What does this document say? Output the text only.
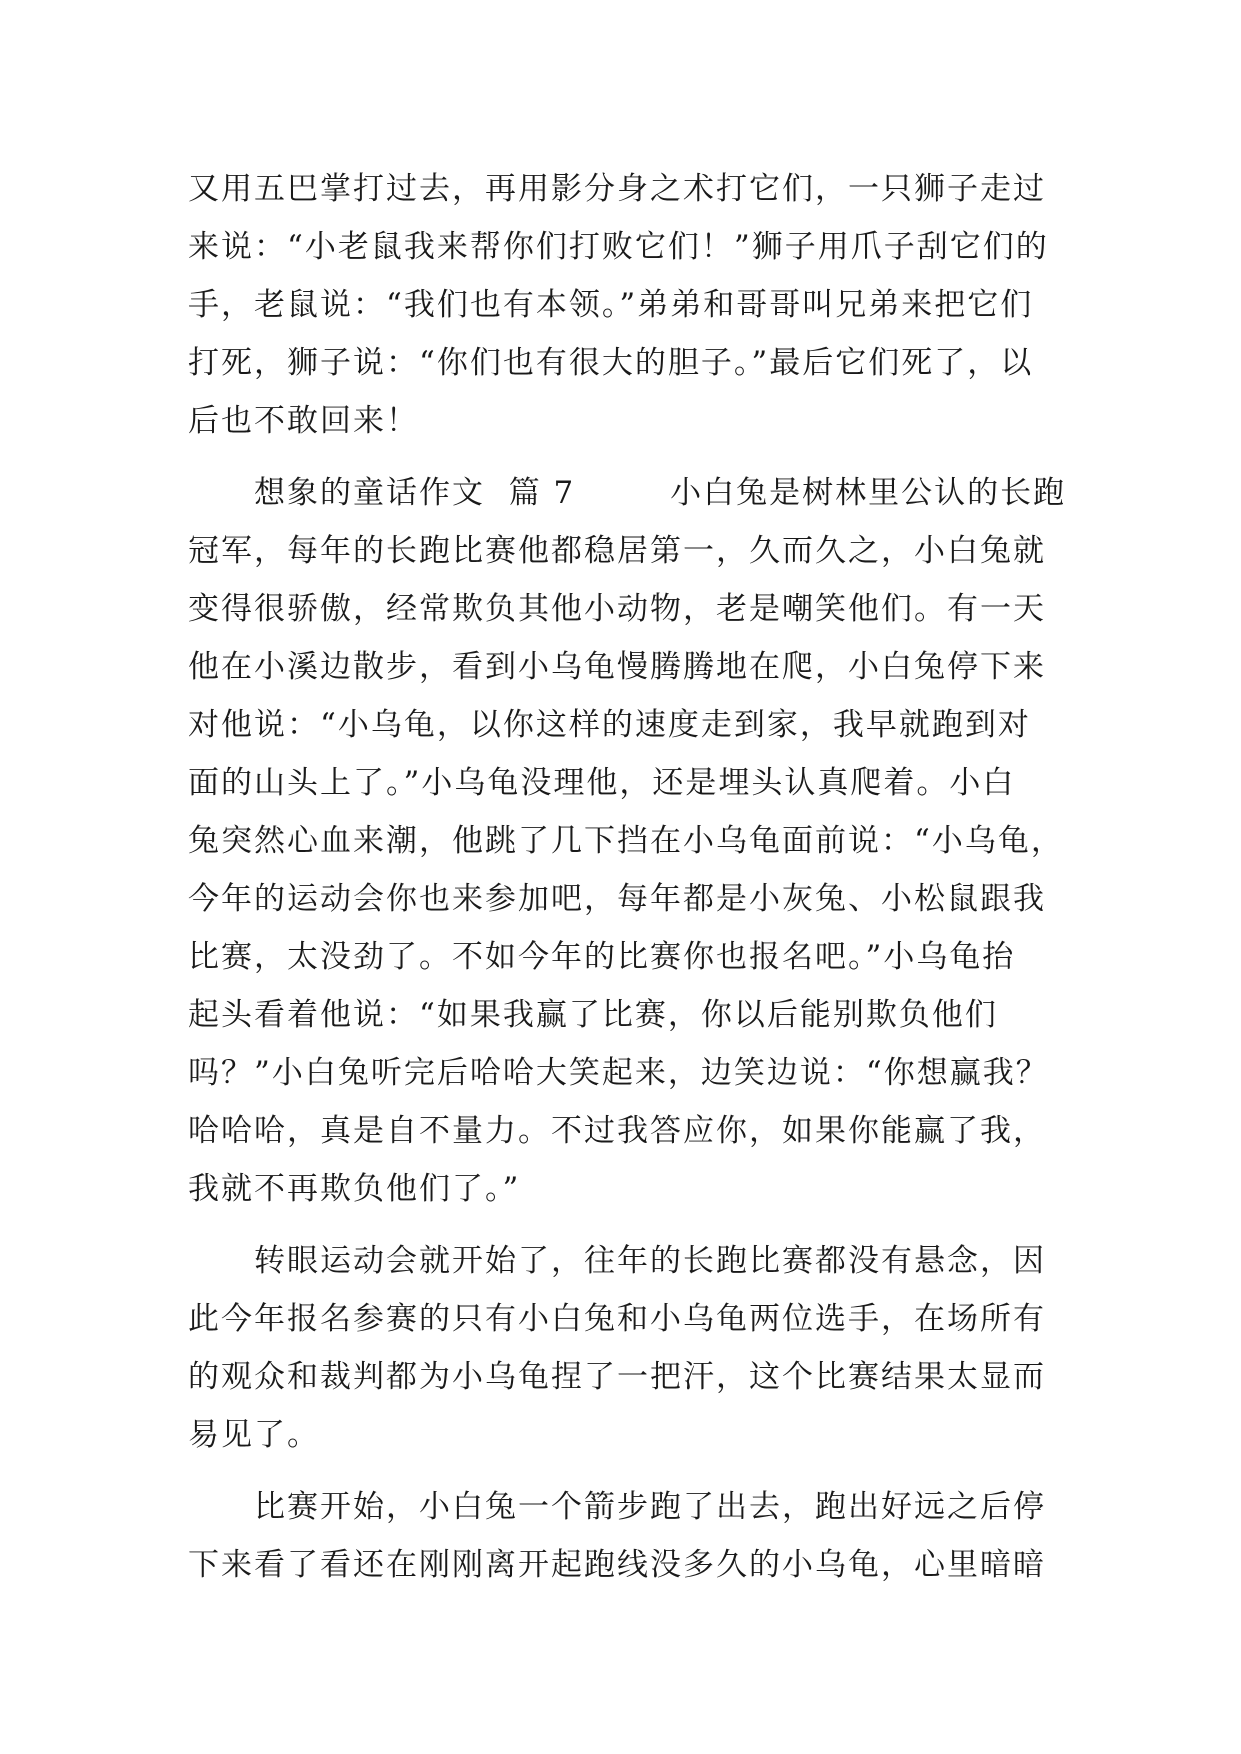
又用五巴掌打过去，再用影分身之术打它们，一只狮子走过
来说：“小老鼠我来帮你们打败它们！”狮子用爪子刮它们的
手，老鼠说：“我们也有本领。”弟弟和哥哥叫兄弟来把它们
打死，狮子说：“你们也有很大的胆子。”最后它们死了，以
后也不敢回来！
想象的童话作文  篇 7        小白兔是树林里公认的长跑
冠军，每年的长跑比赛他都稳居第一，久而久之，小白兔就
变得很骄傲，经常欺负其他小动物，老是嘲笑他们。有一天
他在小溪边散步，看到小乌龟慢腾腾地在爬，小白兔停下来
对他说：“小乌龟，以你这样的速度走到家，我早就跑到对
面的山头上了。”小乌龟没理他，还是埋头认真爬着。小白
兔突然心血来潮，他跳了几下挡在小乌龟面前说：“小乌龟，
今年的运动会你也来参加吧，每年都是小灰兔、小松鼠跟我
比赛，太没劲了。不如今年的比赛你也报名吧。”小乌龟抬
起头看着他说：“如果我赢了比赛，你以后能别欺负他们
吗？”小白兔听完后哈哈大笑起来，边笑边说：“你想赢我？
哈哈哈，真是自不量力。不过我答应你，如果你能赢了我，
我就不再欺负他们了。”
转眼运动会就开始了，往年的长跑比赛都没有悬念，因
此今年报名参赛的只有小白兔和小乌龟两位选手，在场所有
的观众和裁判都为小乌龟捏了一把汗，这个比赛结果太显而
易见了。
比赛开始，小白兔一个箭步跑了出去，跑出好远之后停
下来看了看还在刚刚离开起跑线没多久的小乌龟，心里暗暗
